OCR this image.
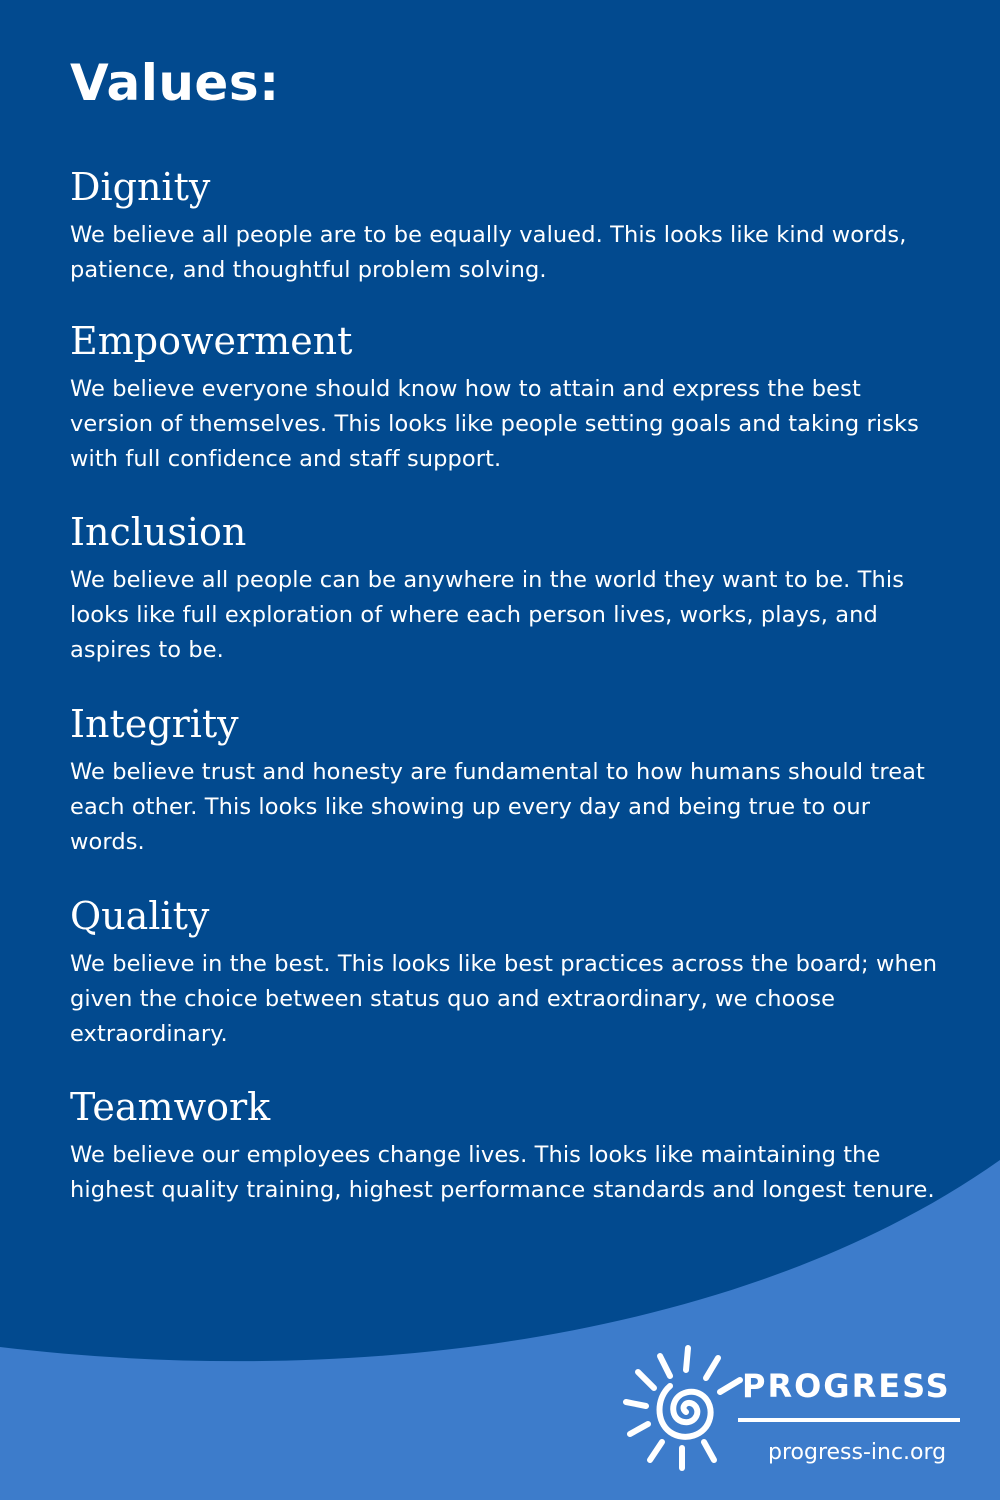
Values:
Dignity

We believe all people are to be equally valued. This looks like kind words, patience, and thoughtful problem solving.

Empowerment

We believe everyone should know how to attain and express the best version of themselves. This looks like people setting goals and taking risks with full confidence and staff support.

Inclusion

We believe all people can be anywhere in the world they want to be. This looks like full exploration of where each person lives, works, plays, and aspires to be.

Integrity

We believe trust and honesty are fundamental to how humans should treat each other. This looks like showing up every day and being true to our words.

Quality

We believe in the best. This looks like best practices across the board; when given the choice between status quo and extraordinary, we choose extraordinary.

Teamwork

We believe our employees change lives. This looks like maintaining the highest quality training, highest performance standards and longest tenure.

PROGRESS
progress-inc.org
